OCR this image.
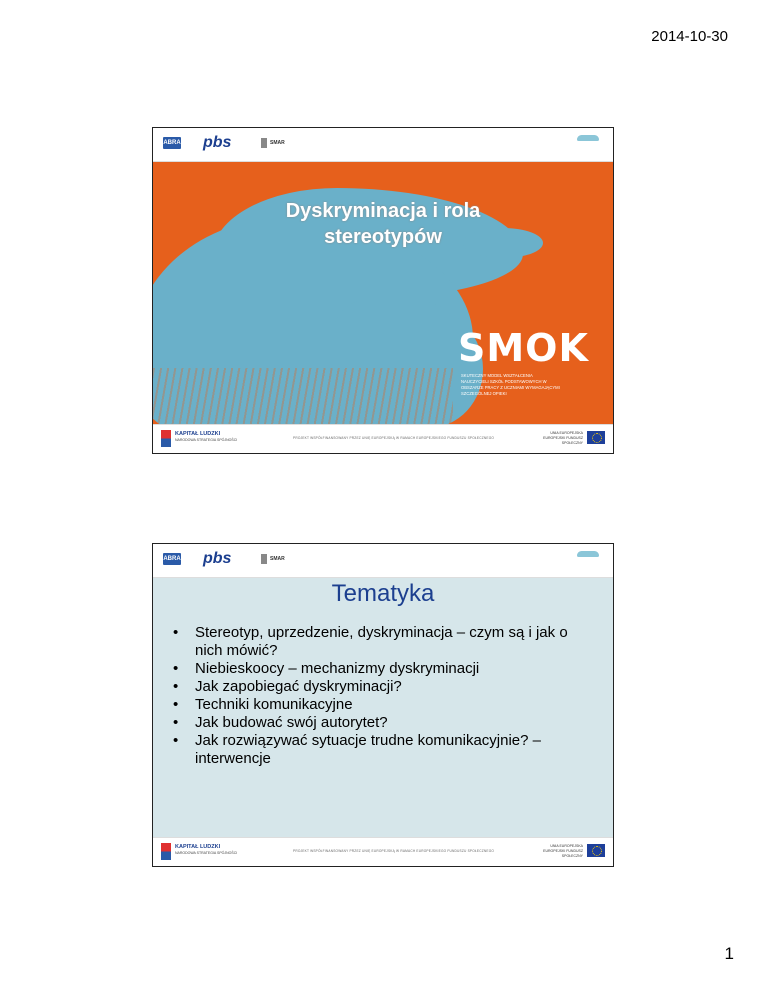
2014-10-30
ABRA pbs	SMAR
Dyskryminacja i rola
stereotypów
SMOK
SKUTECZNY MODEL WSZTAŁCENIA NAUCZYCIELI SZKÓŁ PODSTAWOWYCH W OBSZARZE PRACY Z UCZNIAMI WYMAGAJĄCYMI SZCZEGÓLNEJ OPIEKI
KAPITAŁ LUDZKI
NARODOWA STRATEGIA SPÓJNOŚCI	PROJEKT WSPÓŁFINANSOWANY PRZEZ UNIĘ EUROPEJSKĄ W RAMACH EUROPEJSKIEGO FUNDUSZU SPOŁECZNEGO
UNIA EUROPEJSKA EUROPEJSKI FUNDUSZ SPOŁECZNY
ABRA pbs	SMAR
Tematyka
• Stereotyp, uprzedzenie, dyskryminacja – czym są i jak o nich mówić?
• Niebieskoocy – mechanizmy dyskryminacji
• Jak zapobiegać dyskryminacji?
• Techniki komunikacyjne
• Jak budować swój autorytet?
• Jak rozwiązywać sytuacje trudne komunikacyjnie? – interwencje
KAPITAŁ LUDZKI
NARODOWA STRATEGIA SPÓJNOŚCI	PROJEKT WSPÓŁFINANSOWANY PRZEZ UNIĘ EUROPEJSKĄ W RAMACH EUROPEJSKIEGO FUNDUSZU SPOŁECZNEGO
UNIA EUROPEJSKA EUROPEJSKI FUNDUSZ SPOŁECZNY
1
